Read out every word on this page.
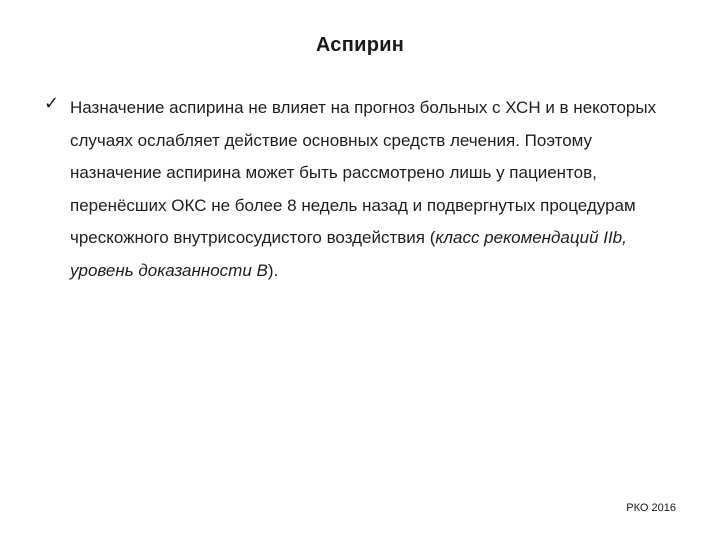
Аспирин
✓ Назначение аспирина не влияет на прогноз больных с ХСН и в некоторых случаях ослабляет действие основных средств лечения. Поэтому назначение аспирина может быть рассмотрено лишь у пациентов, перенёсших ОКС не более 8 недель назад и подвергнутых процедурам чрескожного внутрисосудистого воздействия (класс рекомендаций IIb, уровень доказанности B).
РКО 2016
